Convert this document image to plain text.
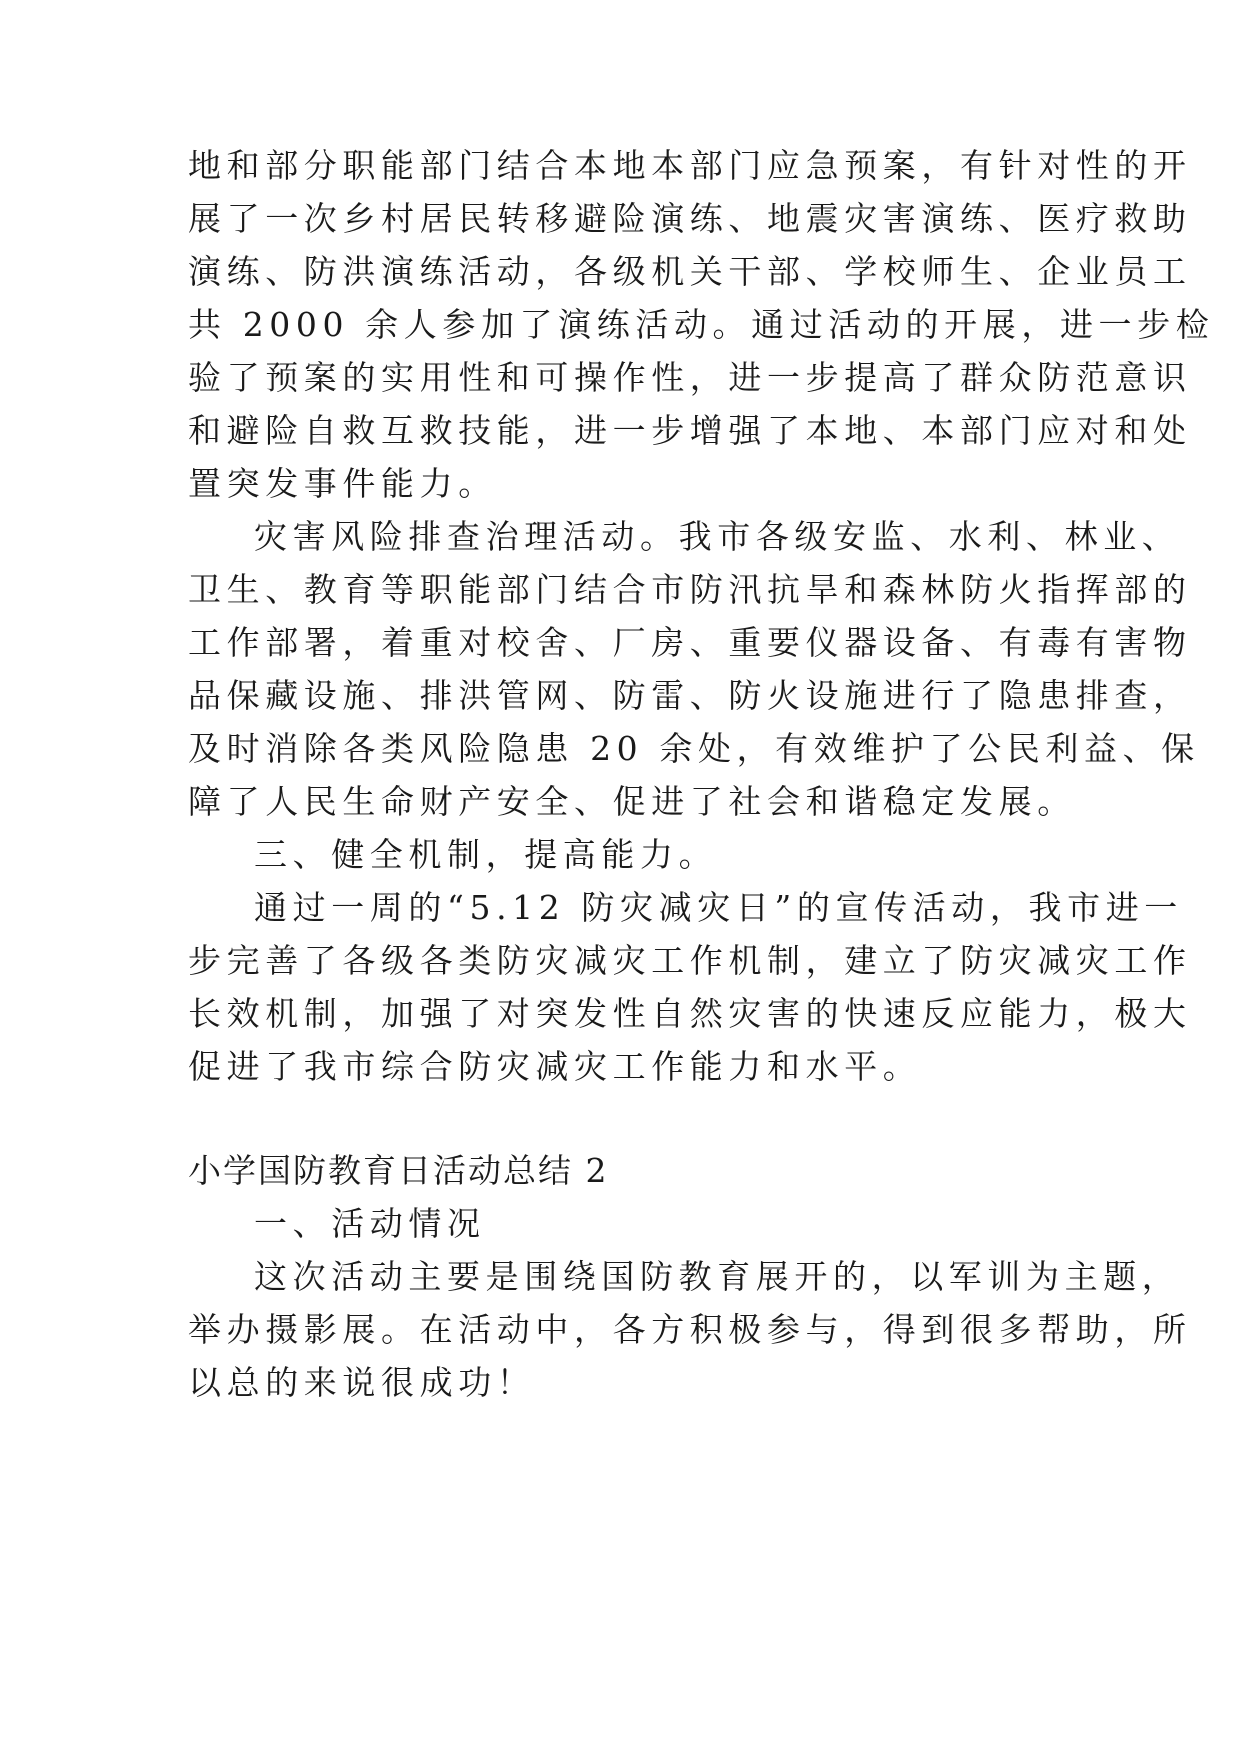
地和部分职能部门结合本地本部门应急预案，有针对性的开
展了一次乡村居民转移避险演练、地震灾害演练、医疗救助
演练、防洪演练活动，各级机关干部、学校师生、企业员工
共 2000 余人参加了演练活动。通过活动的开展，进一步检
验了预案的实用性和可操作性，进一步提高了群众防范意识
和避险自救互救技能，进一步增强了本地、本部门应对和处
置突发事件能力。
灾害风险排查治理活动。我市各级安监、水利、林业、
卫生、教育等职能部门结合市防汛抗旱和森林防火指挥部的
工作部署，着重对校舍、厂房、重要仪器设备、有毒有害物
品保藏设施、排洪管网、防雷、防火设施进行了隐患排查，
及时消除各类风险隐患 20 余处，有效维护了公民利益、保
障了人民生命财产安全、促进了社会和谐稳定发展。
三、健全机制，提高能力。
通过一周的“5.12 防灾减灾日”的宣传活动，我市进一
步完善了各级各类防灾减灾工作机制，建立了防灾减灾工作
长效机制，加强了对突发性自然灾害的快速反应能力，极大
促进了我市综合防灾减灾工作能力和水平。
小学国防教育日活动总结 2
一、活动情况
这次活动主要是围绕国防教育展开的，以军训为主题，
举办摄影展。在活动中，各方积极参与，得到很多帮助，所
以总的来说很成功！
